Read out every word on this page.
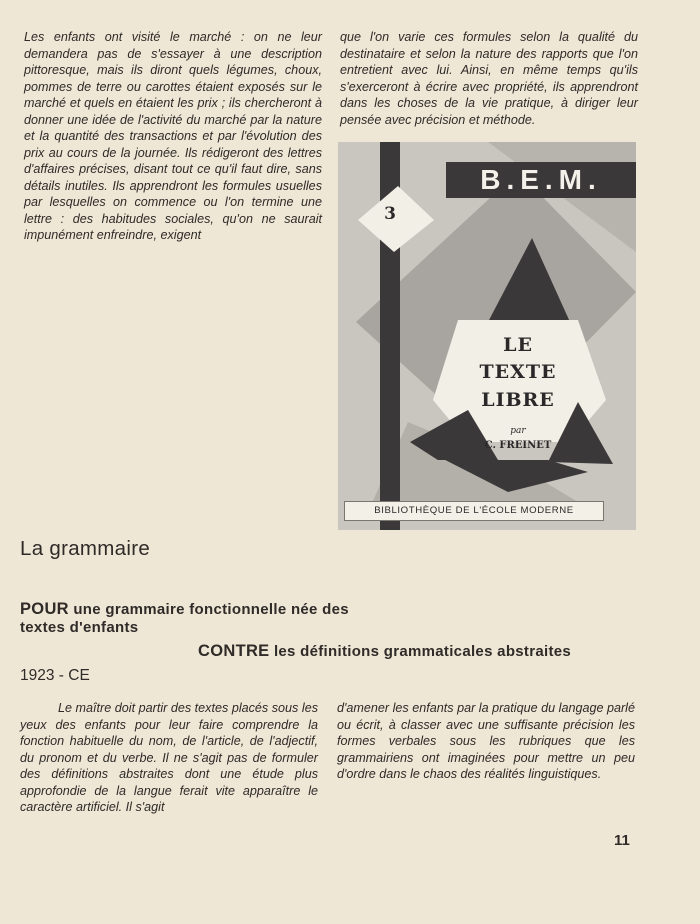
Les enfants ont visité le marché : on ne leur demandera pas de s'essayer à une description pittoresque, mais ils diront quels légumes, choux, pommes de terre ou carottes étaient exposés sur le marché et quels en étaient les prix ; ils chercheront à donner une idée de l'activité du marché par la nature et la quantité des transactions et par l'évolution des prix au cours de la journée. Ils rédigeront des lettres d'affaires précises, disant tout ce qu'il faut dire, sans détails inutiles. Ils apprendront les formules usuelles par lesquelles on commence ou l'on termine une lettre : des habitudes sociales, qu'on ne saurait impunément enfreindre, exigent

que l'on varie ces formules selon la qualité du destinataire et selon la nature des rapports que l'on entretient avec lui. Ainsi, en même temps qu'ils s'exerceront à écrire avec propriété, ils apprendront dans les choses de la vie pratique, à diriger leur pensée avec précision et méthode.

B.E.M.
3
LE
TEXTE
LIBRE
par
C. FREINET
BIBLIOTHÈQUE DE L'ÉCOLE MODERNE
La grammaire
POUR une grammaire fonctionnelle née des
textes d'enfants
CONTRE les définitions grammaticales abstraites
1923 - CE

Le maître doit partir des textes placés sous les yeux des enfants pour leur faire comprendre la fonction habituelle du nom, de l'article, de l'adjectif, du pronom et du verbe. Il ne s'agit pas de formuler des définitions abstraites dont une étude plus approfondie de la langue ferait vite apparaître le caractère artificiel. Il s'agit

d'amener les enfants par la pratique du langage parlé ou écrit, à classer avec une suffisante précision les formes verbales sous les rubriques que les grammairiens ont imaginées pour mettre un peu d'ordre dans le chaos des réalités linguistiques.

11
